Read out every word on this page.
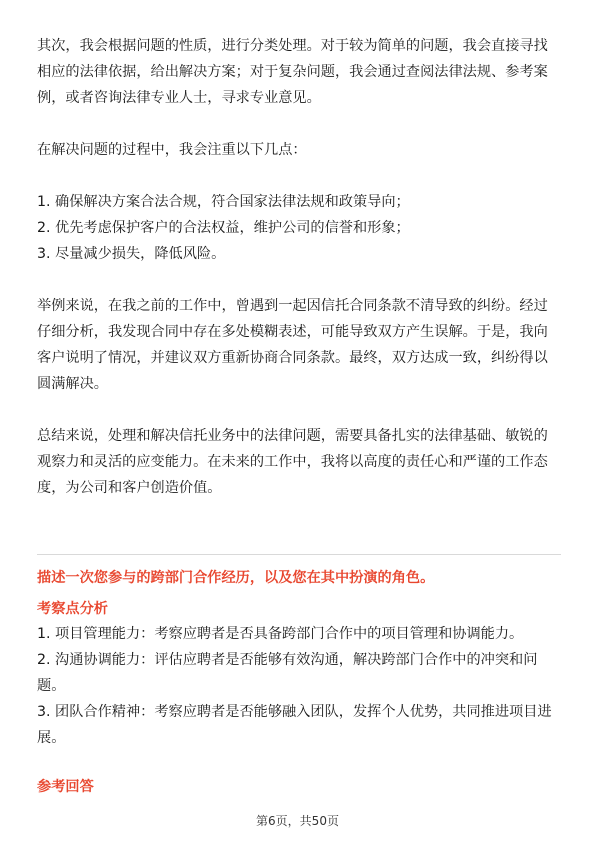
其次，我会根据问题的性质，进行分类处理。对于较为简单的问题，我会直接寻找相应的法律依据，给出解决方案；对于复杂问题，我会通过查阅法律法规、参考案例，或者咨询法律专业人士，寻求专业意见。

在解决问题的过程中，我会注重以下几点：

1. 确保解决方案合法合规，符合国家法律法规和政策导向；

2. 优先考虑保护客户的合法权益，维护公司的信誉和形象；

3. 尽量减少损失，降低风险。

举例来说，在我之前的工作中，曾遇到一起因信托合同条款不清导致的纠纷。经过仔细分析，我发现合同中存在多处模糊表述，可能导致双方产生误解。于是，我向客户说明了情况，并建议双方重新协商合同条款。最终，双方达成一致，纠纷得以圆满解决。

总结来说，处理和解决信托业务中的法律问题，需要具备扎实的法律基础、敏锐的观察力和灵活的应变能力。在未来的工作中，我将以高度的责任心和严谨的工作态度，为公司和客户创造价值。

描述一次您参与的跨部门合作经历，以及您在其中扮演的角色。

考察点分析

1. 项目管理能力：考察应聘者是否具备跨部门合作中的项目管理和协调能力。

2. 沟通协调能力：评估应聘者是否能够有效沟通，解决跨部门合作中的冲突和问题。

3. 团队合作精神：考察应聘者是否能够融入团队，发挥个人优势，共同推进项目进展。

参考回答

第6页，共50页
